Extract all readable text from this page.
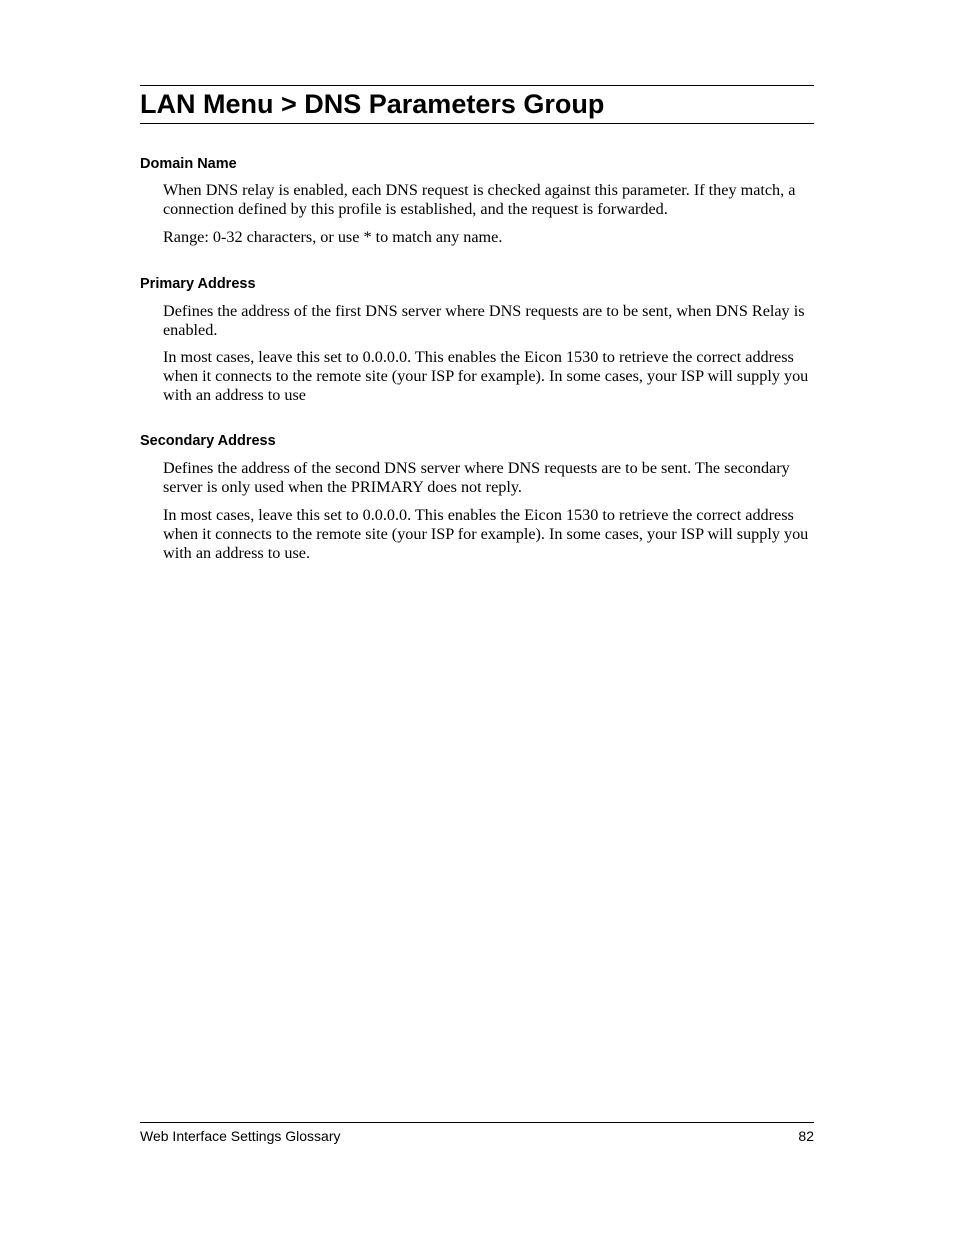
LAN Menu > DNS Parameters Group
Domain Name

When DNS relay is enabled, each DNS request is checked against this parameter. If they match, a connection defined by this profile is established, and the request is forwarded.

Range: 0-32 characters, or use * to match any name.

Primary Address

Defines the address of the first DNS server where DNS requests are to be sent, when DNS Relay is enabled.

In most cases, leave this set to 0.0.0.0. This enables the Eicon 1530 to retrieve the correct address when it connects to the remote site (your ISP for example). In some cases, your ISP will supply you with an address to use

Secondary Address

Defines the address of the second DNS server where DNS requests are to be sent. The secondary server is only used when the PRIMARY does not reply.

In most cases, leave this set to 0.0.0.0. This enables the Eicon 1530 to retrieve the correct address when it connects to the remote site (your ISP for example). In some cases, your ISP will supply you with an address to use.

Web Interface Settings Glossary	82
